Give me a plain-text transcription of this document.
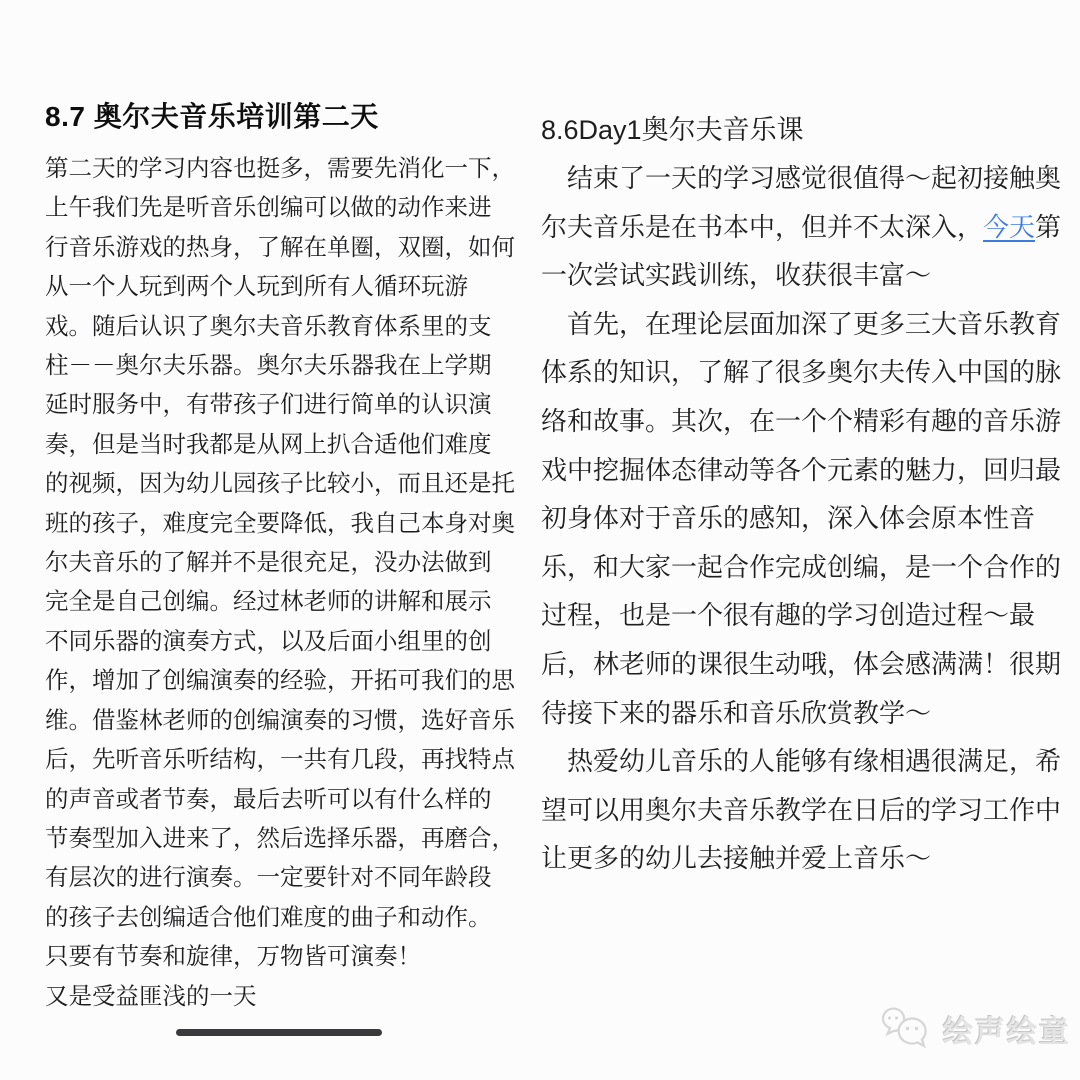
8.7 奥尔夫音乐培训第二天
第二天的学习内容也挺多，需要先消化一下，
上午我们先是听音乐创编可以做的动作来进
行音乐游戏的热身，了解在单圈，双圈，如何
从一个人玩到两个人玩到所有人循环玩游
戏。随后认识了奥尔夫音乐教育体系里的支
柱－－奥尔夫乐器。奥尔夫乐器我在上学期
延时服务中，有带孩子们进行简单的认识演
奏，但是当时我都是从网上扒合适他们难度
的视频，因为幼儿园孩子比较小，而且还是托
班的孩子，难度完全要降低，我自己本身对奥
尔夫音乐的了解并不是很充足，没办法做到
完全是自己创编。经过林老师的讲解和展示
不同乐器的演奏方式，以及后面小组里的创
作，增加了创编演奏的经验，开拓可我们的思
维。借鉴林老师的创编演奏的习惯，选好音乐
后，先听音乐听结构，一共有几段，再找特点
的声音或者节奏，最后去听可以有什么样的
节奏型加入进来了，然后选择乐器，再磨合，
有层次的进行演奏。一定要针对不同年龄段
的孩子去创编适合他们难度的曲子和动作。
只要有节奏和旋律，万物皆可演奏！
又是受益匪浅的一天
8.6Day1奥尔夫音乐课
　结束了一天的学习感觉很值得～起初接触奥
尔夫音乐是在书本中，但并不太深入，今天第
一次尝试实践训练，收获很丰富～
　首先，在理论层面加深了更多三大音乐教育
体系的知识，了解了很多奥尔夫传入中国的脉
络和故事。其次，在一个个精彩有趣的音乐游
戏中挖掘体态律动等各个元素的魅力，回归最
初身体对于音乐的感知，深入体会原本性音
乐，和大家一起合作完成创编，是一个合作的
过程，也是一个很有趣的学习创造过程～最
后，林老师的课很生动哦，体会感满满！很期
待接下来的器乐和音乐欣赏教学～
　热爱幼儿音乐的人能够有缘相遇很满足，希
望可以用奥尔夫音乐教学在日后的学习工作中
让更多的幼儿去接触并爱上音乐～
绘声绘童
